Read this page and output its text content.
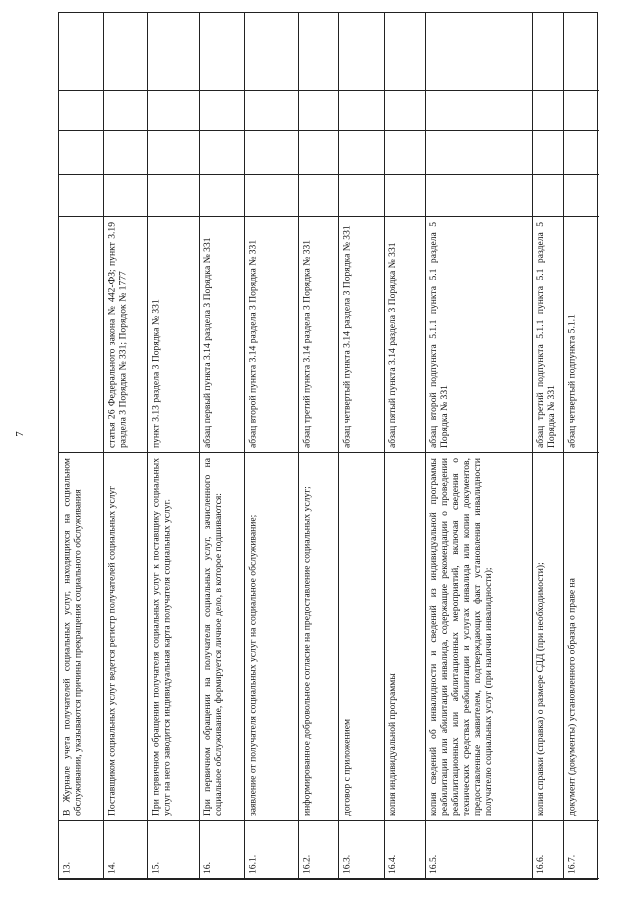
7
13.
В Журнале учета получателей социальных услуг, находящихся на социальном обслуживании, указываются причины прекращения социального обслуживания
14.
Поставщиком социальных услуг ведется регистр получателей социальных услуг
статья 26 Федерального закона № 442-ФЗ; пункт 3.19 раздела 3 Порядка № 331; Порядок № 1777
15.
При первичном обращении получателя социальных услуг к поставщику социальных услуг на него заводится индивидуальная карта получателя социальных услуг.
пункт 3.13 раздела 3 Порядка № 331
16.
При первичном обращении на получателя социальных услуг, зачисленного на социальное обслуживание, формируется личное дело, в которое подшиваются:
абзац первый пункта 3.14 раздела 3 Порядка № 331
16.1.
заявление от получателя социальных услуг на социальное обслуживание;
абзац второй пункта 3.14 раздела 3 Порядка № 331
16.2.
информированное добровольное согласие на предоставление социальных услуг;
абзац третий пункта 3.14 раздела 3 Порядка № 331
16.3.
договор с приложением
абзац четвертый пункта 3.14 раздела 3 Порядка № 331
16.4.
копия индивидуальной программы
абзац пятый пункта 3.14 раздела 3 Порядка № 331
16.5.
копия сведений об инвалидности и сведений из индивидуальной программы реабилитации или абилитации инвалида, содержащие рекомендации о проведении реабилитационных или абилитационных мероприятий, включая сведения о технических средствах реабилитации и услугах инвалида или копии документов, предоставленные заявителем, подтверждающих факт установления инвалидности получателю социальных услуг (при наличии инвалидности);
абзац второй подпункта 5.1.1 пункта 5.1 раздела 5 Порядка № 331
16.6.
копия справки (справка) о размере СДД (при необходимости);
абзац третий подпункта 5.1.1 пункта 5.1 раздела 5 Порядка № 331
16.7.
документ (документы) установленного образца о праве на
абзац четвертый подпункта 5.1.1
